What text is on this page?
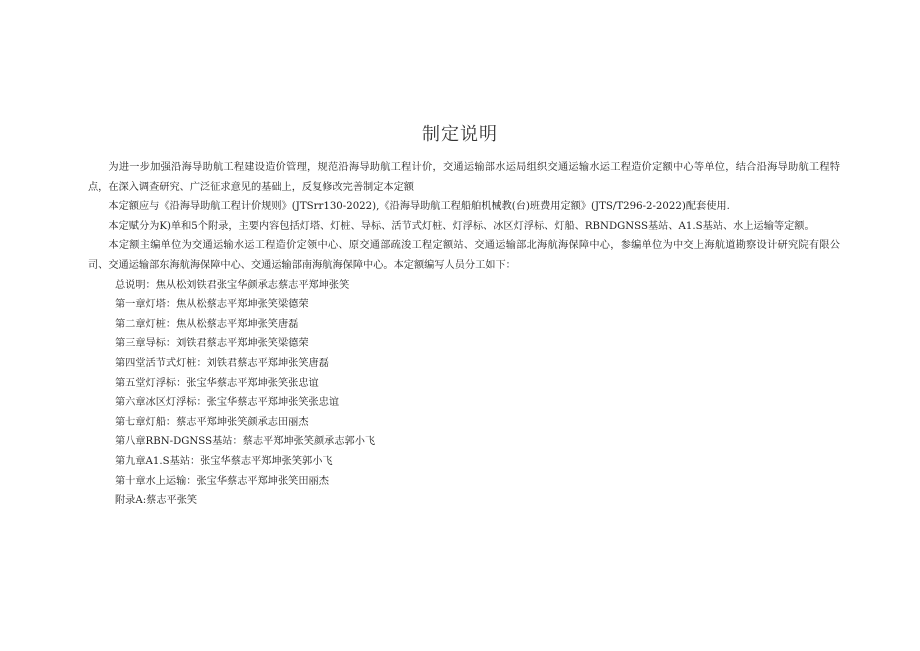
制定说明

为进一步加强沿海导助航工程建设造价管理，规范沿海导助航工程计价，交通运输部水运局组织交通运输水运工程造价定额中心等单位，结合沿海导助航工程特点，在深入调查研究、广泛征求意见的基础上，反复修改完善制定本定额

本定额应与《沿海导助航工程计价规则》(JTSrr130-2022),《沿海导助航工程船舶机械教(台)班费用定额》(JTS/T296-2-2022)配套使用.

本定赋分为K)单和5个附录，主要内容包括灯塔、灯桩、导标、活节式灯桩、灯浮标、冰区灯浮标、灯船、RBNDGNSS基站、A1.S基站、水上运输等定额。

本定额主编单位为交通运输水运工程造价定领中心、原交通部疏浚工程定额站、交通运输部北海航海保障中心，参编单位为中交上海航道勘察设计研究院有限公司、交通运输部东海航海保障中心、交通运输部南海航海保障中心。本定额编写人员分工如下：

总说明：焦从松刘铁君张宝华颜承志蔡志平郑坤张笑
第一章灯塔：焦从松蔡志平郑坤张笑梁德荣
第二章灯桩：焦从松蔡志平郑坤张笑唐磊
第三章导标：刘铁君蔡志平郑坤张笑梁德荣
第四堂活节式灯桩：刘铁君蔡志平郑坤张笑唐磊
第五堂灯浮标：张宝华蔡志平郑坤张笑张忠谊
第六章冰区灯浮标：张宝华蔡志平郑坤张笑张忠谊
第七章灯船：蔡志平郑坤张笑颜承志田丽杰
第八章RBN-DGNSS基站：蔡志平郑坤张笑颜承志郭小飞
第九章A1.S基站：张宝华蔡志平郑坤张笑郭小飞
第十章水上运输：张宝华蔡志平郑坤张笑田丽杰
附录A:蔡志平张笑
